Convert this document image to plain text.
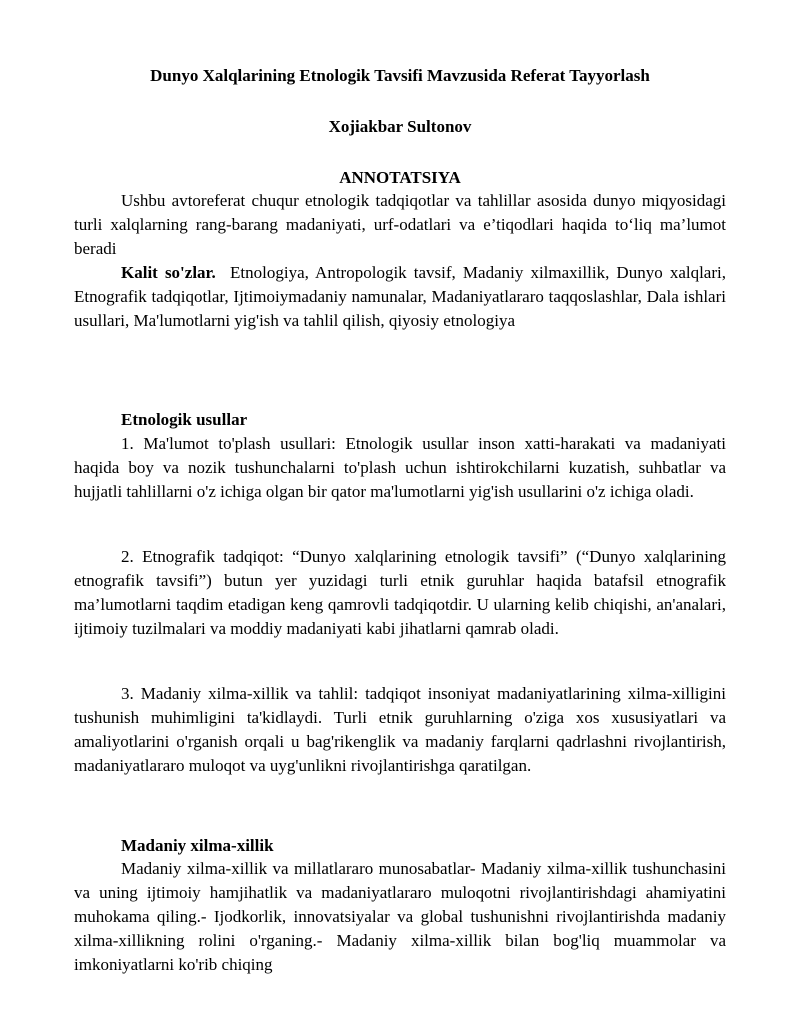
Dunyo Xalqlarining Etnologik Tavsifi Mavzusida Referat Tayyorlash
Xojiakbar Sultonov
ANNOTATSIYA
Ushbu avtoreferat chuqur etnologik tadqiqotlar va tahlillar asosida dunyo miqyosidagi turli xalqlarning rang-barang madaniyati, urf-odatlari va e’tiqodlari haqida to‘liq ma’lumot beradi
Kalit so'zlar. Etnologiya, Antropologik tavsif, Madaniy xilmaxillik, Dunyo xalqlari, Etnografik tadqiqotlar, Ijtimoiymadaniy namunalar, Madaniyatlararo taqqoslashlar, Dala ishlari usullari, Ma'lumotlarni yig'ish va tahlil qilish, qiyosiy etnologiya
Etnologik usullar
1. Ma'lumot to'plash usullari: Etnologik usullar inson xatti-harakati va madaniyati haqida boy va nozik tushunchalarni to'plash uchun ishtirokchilarni kuzatish, suhbatlar va hujjatli tahlillarni o'z ichiga olgan bir qator ma'lumotlarni yig'ish usullarini o'z ichiga oladi.
2. Etnografik tadqiqot: “Dunyo xalqlarining etnologik tavsifi” (“Dunyo xalqlarining etnografik tavsifi”) butun yer yuzidagi turli etnik guruhlar haqida batafsil etnografik ma’lumotlarni taqdim etadigan keng qamrovli tadqiqotdir. U ularning kelib chiqishi, an'analari, ijtimoiy tuzilmalari va moddiy madaniyati kabi jihatlarni qamrab oladi.
3. Madaniy xilma-xillik va tahlil: tadqiqot insoniyat madaniyatlarining xilma-xilligini tushunish muhimligini ta'kidlaydi. Turli etnik guruhlarning o'ziga xos xususiyatlari va amaliyotlarini o'rganish orqali u bag'rikenglik va madaniy farqlarni qadrlashni rivojlantirish, madaniyatlararo muloqot va uyg'unlikni rivojlantirishga qaratilgan.
Madaniy xilma-xillik
Madaniy xilma-xillik va millatlararo munosabatlar- Madaniy xilma-xillik tushunchasini va uning ijtimoiy hamjihatlik va madaniyatlararo muloqotni rivojlantirishdagi ahamiyatini muhokama qiling.- Ijodkorlik, innovatsiyalar va global tushunishni rivojlantirishda madaniy xilma-xillikning rolini o'rganing.- Madaniy xilma-xillik bilan bog'liq muammolar va imkoniyatlarni ko'rib chiqing
